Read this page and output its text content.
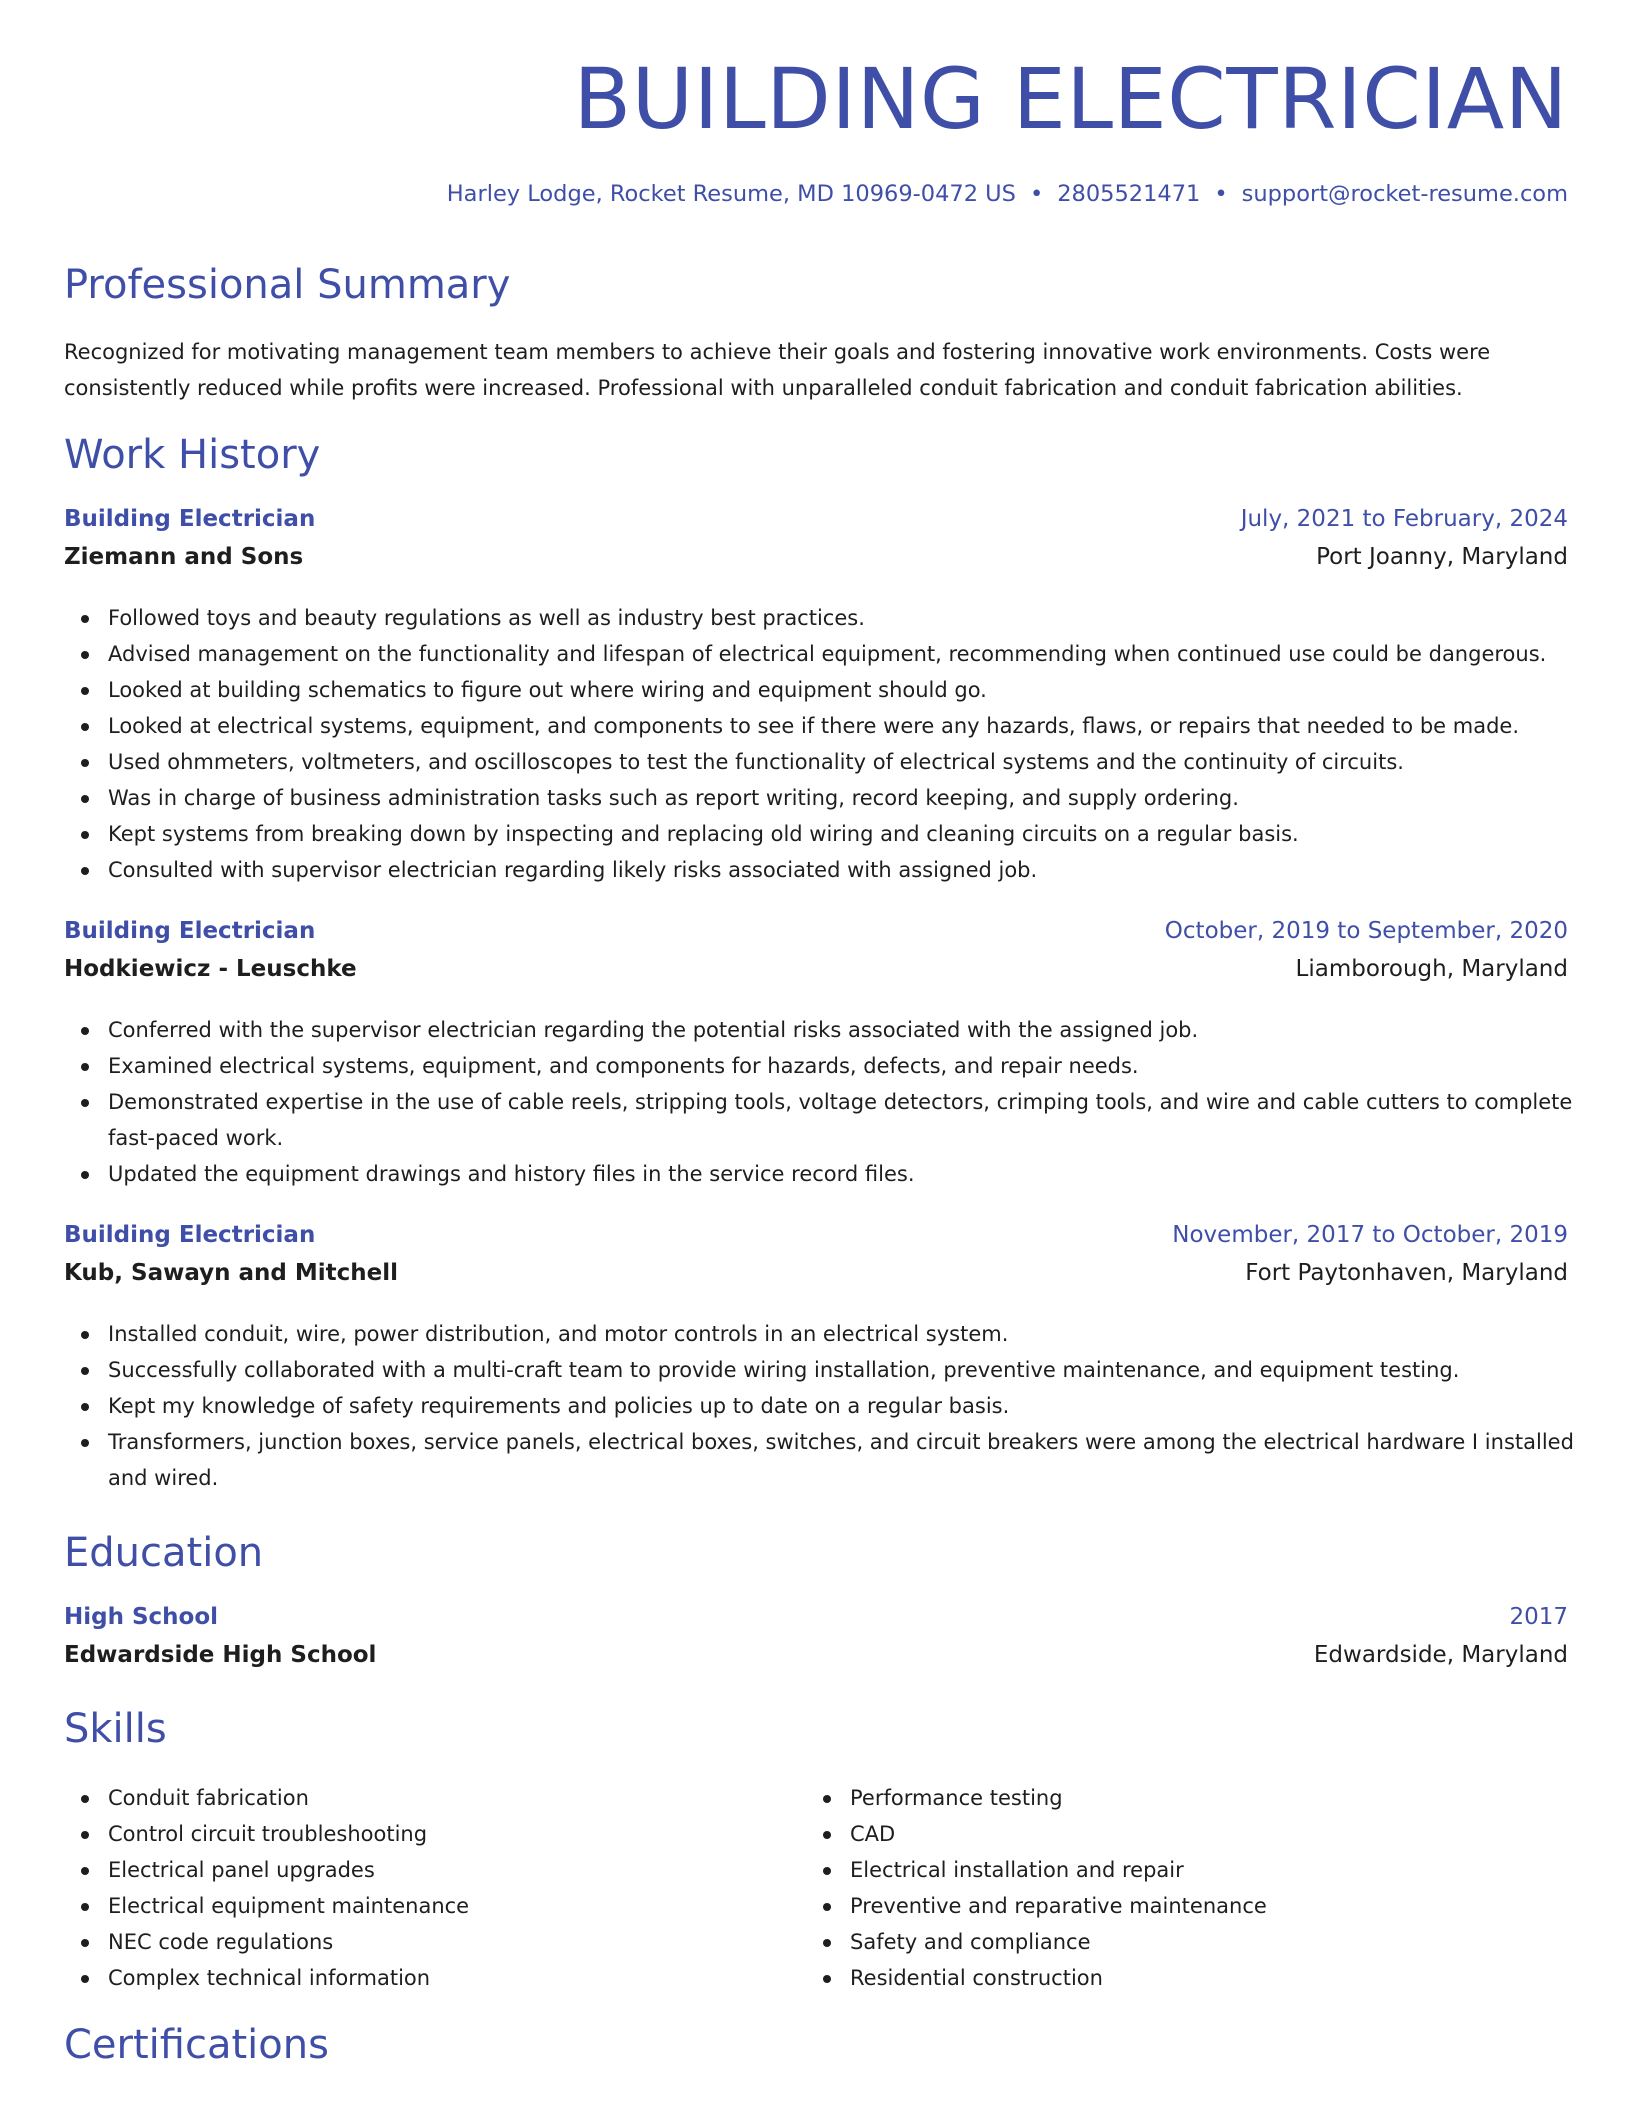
BUILDING ELECTRICIAN
Harley Lodge, Rocket Resume, MD 10969-0472 US • 2805521471 • support@rocket-resume.com
Professional Summary

Recognized for motivating management team members to achieve their goals and fostering innovative work environments. Costs were consistently reduced while profits were increased. Professional with unparalleled conduit fabrication and conduit fabrication abilities.

Work History
Building Electrician	July, 2021 to February, 2024
Ziemann and Sons	Port Joanny, Maryland
Followed toys and beauty regulations as well as industry best practices.
Advised management on the functionality and lifespan of electrical equipment, recommending when continued use could be dangerous.
Looked at building schematics to figure out where wiring and equipment should go.
Looked at electrical systems, equipment, and components to see if there were any hazards, flaws, or repairs that needed to be made.
Used ohmmeters, voltmeters, and oscilloscopes to test the functionality of electrical systems and the continuity of circuits.
Was in charge of business administration tasks such as report writing, record keeping, and supply ordering.
Kept systems from breaking down by inspecting and replacing old wiring and cleaning circuits on a regular basis.
Consulted with supervisor electrician regarding likely risks associated with assigned job.
Building Electrician	October, 2019 to September, 2020
Hodkiewicz - Leuschke	Liamborough, Maryland
Conferred with the supervisor electrician regarding the potential risks associated with the assigned job.
Examined electrical systems, equipment, and components for hazards, defects, and repair needs.
Demonstrated expertise in the use of cable reels, stripping tools, voltage detectors, crimping tools, and wire and cable cutters to complete fast-paced work.
Updated the equipment drawings and history files in the service record files.
Building Electrician	November, 2017 to October, 2019
Kub, Sawayn and Mitchell	Fort Paytonhaven, Maryland
Installed conduit, wire, power distribution, and motor controls in an electrical system.
Successfully collaborated with a multi-craft team to provide wiring installation, preventive maintenance, and equipment testing.
Kept my knowledge of safety requirements and policies up to date on a regular basis.
Transformers, junction boxes, service panels, electrical boxes, switches, and circuit breakers were among the electrical hardware I installed and wired.
Education
High School	2017
Edwardside High School	Edwardside, Maryland
Skills
Conduit fabrication
Control circuit troubleshooting
Electrical panel upgrades
Electrical equipment maintenance
NEC code regulations
Complex technical information
Performance testing
CAD
Electrical installation and repair
Preventive and reparative maintenance
Safety and compliance
Residential construction
Certifications
